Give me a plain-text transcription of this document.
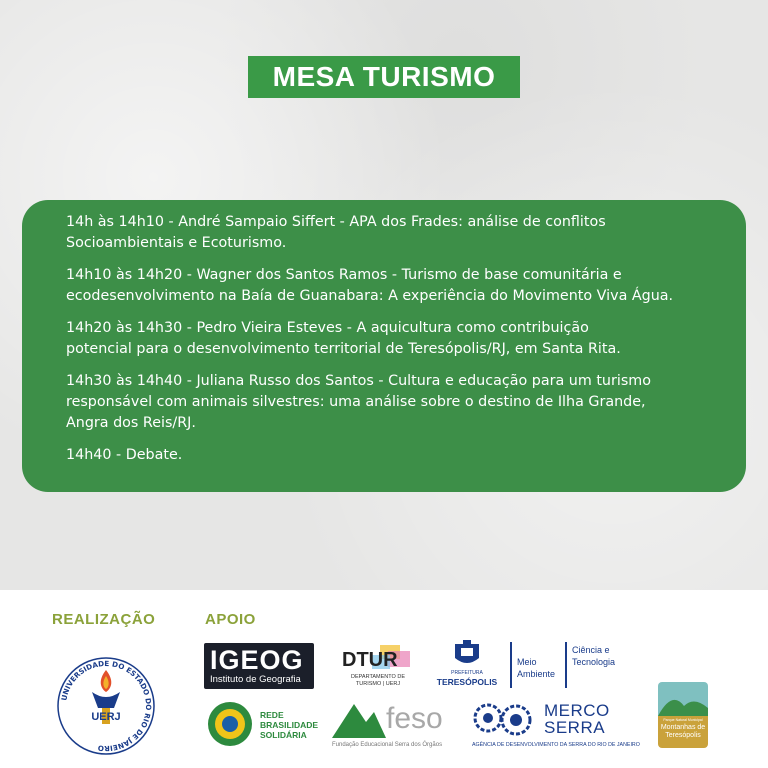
MESA TURISMO
14h às 14h10 - André Sampaio Siffert - APA dos Frades: análise de conflitos
Socioambientais e Ecoturismo.
14h10 às 14h20 - Wagner dos Santos Ramos - Turismo de base comunitária e
ecodesenvolvimento na Baía de Guanabara: A experiência do Movimento Viva Água.
14h20 às 14h30 - Pedro Vieira Esteves - A aquicultura como contribuição
potencial para o desenvolvimento territorial de Teresópolis/RJ, em Santa Rita.
14h30 às 14h40 - Juliana Russo dos Santos - Cultura e educação para um turismo
responsável com animais silvestres: uma análise sobre o destino de Ilha Grande,
Angra dos Reis/RJ.
14h40 - Debate.
REALIZAÇÃO	APOIO
UNIVERSIDADE DO ESTADO DO RIO DE JANEIRO
UERJ
IGEOG
Instituto de Geografia
DTUR
DEPARTAMENTO DE TURISMO | UERJ
PREFEITURA
TERESÓPOLIS
Meio
Ambiente
Ciência e
Tecnologia
REDE
BRASILIDADE
SOLIDÁRIA	feso
Fundação Educacional Serra dos Órgãos
MERCO
SERRA
AGÊNCIA DE DESENVOLVIMENTO DA SERRA DO RIO DE JANEIRO
Parque Natural Municipal
Montanhas de
Teresópolis
